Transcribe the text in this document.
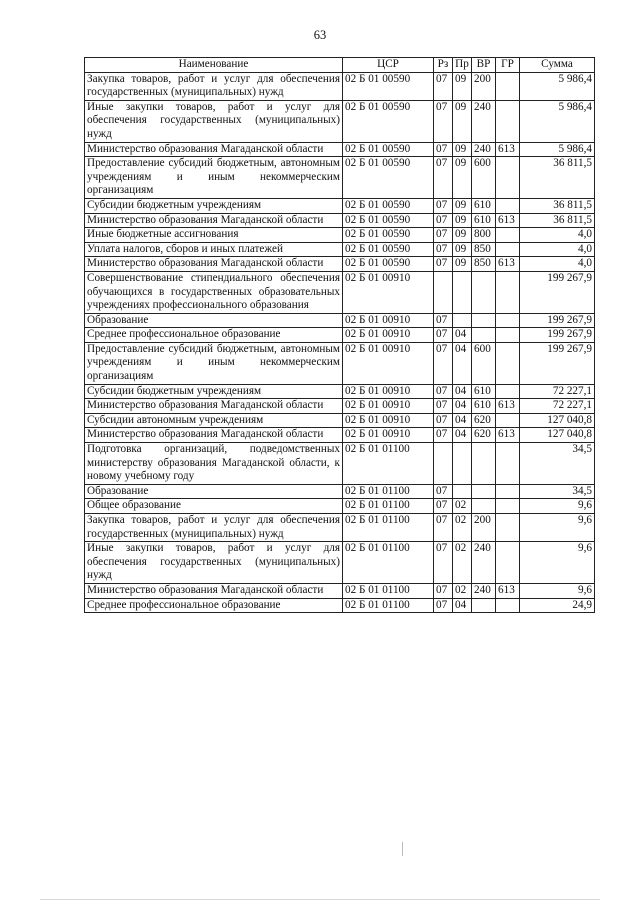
63
Наименование	ЦСР	Рз	Пр	ВР	ГР	Сумма
Закупка товаров, работ и услуг для обеспечения государственных (муниципальных) нужд	02 Б 01 00590	07	09	200		5 986,4
Иные закупки товаров, работ и услуг для обеспечения государственных (муниципальных) нужд	02 Б 01 00590	07	09	240		5 986,4
Министерство образования Магаданской области	02 Б 01 00590	07	09	240	613	5 986,4
Предоставление субсидий бюджетным, автономным учреждениям и иным некоммерческим организациям	02 Б 01 00590	07	09	600		36 811,5
Субсидии бюджетным учреждениям	02 Б 01 00590	07	09	610		36 811,5
Министерство образования Магаданской области	02 Б 01 00590	07	09	610	613	36 811,5
Иные бюджетные ассигнования	02 Б 01 00590	07	09	800		4,0
Уплата налогов, сборов и иных платежей	02 Б 01 00590	07	09	850		4,0
Министерство образования Магаданской области	02 Б 01 00590	07	09	850	613	4,0
Совершенствование стипендиального обеспечения обучающихся в государственных образовательных учреждениях профессионального образования	02 Б 01 00910					199 267,9
Образование	02 Б 01 00910	07				199 267,9
Среднее профессиональное образование	02 Б 01 00910	07	04			199 267,9
Предоставление субсидий бюджетным, автономным учреждениям и иным некоммерческим организациям	02 Б 01 00910	07	04	600		199 267,9
Субсидии бюджетным учреждениям	02 Б 01 00910	07	04	610		72 227,1
Министерство образования Магаданской области	02 Б 01 00910	07	04	610	613	72 227,1
Субсидии автономным учреждениям	02 Б 01 00910	07	04	620		127 040,8
Министерство образования Магаданской области	02 Б 01 00910	07	04	620	613	127 040,8
Подготовка организаций, подведомственных министерству образования Магаданской области, к новому учебному году	02 Б 01 01100					34,5
Образование	02 Б 01 01100	07				34,5
Общее образование	02 Б 01 01100	07	02			9,6
Закупка товаров, работ и услуг для обеспечения государственных (муниципальных) нужд	02 Б 01 01100	07	02	200		9,6
Иные закупки товаров, работ и услуг для обеспечения государственных (муниципальных) нужд	02 Б 01 01100	07	02	240		9,6
Министерство образования Магаданской области	02 Б 01 01100	07	02	240	613	9,6
Среднее профессиональное образование	02 Б 01 01100	07	04			24,9
